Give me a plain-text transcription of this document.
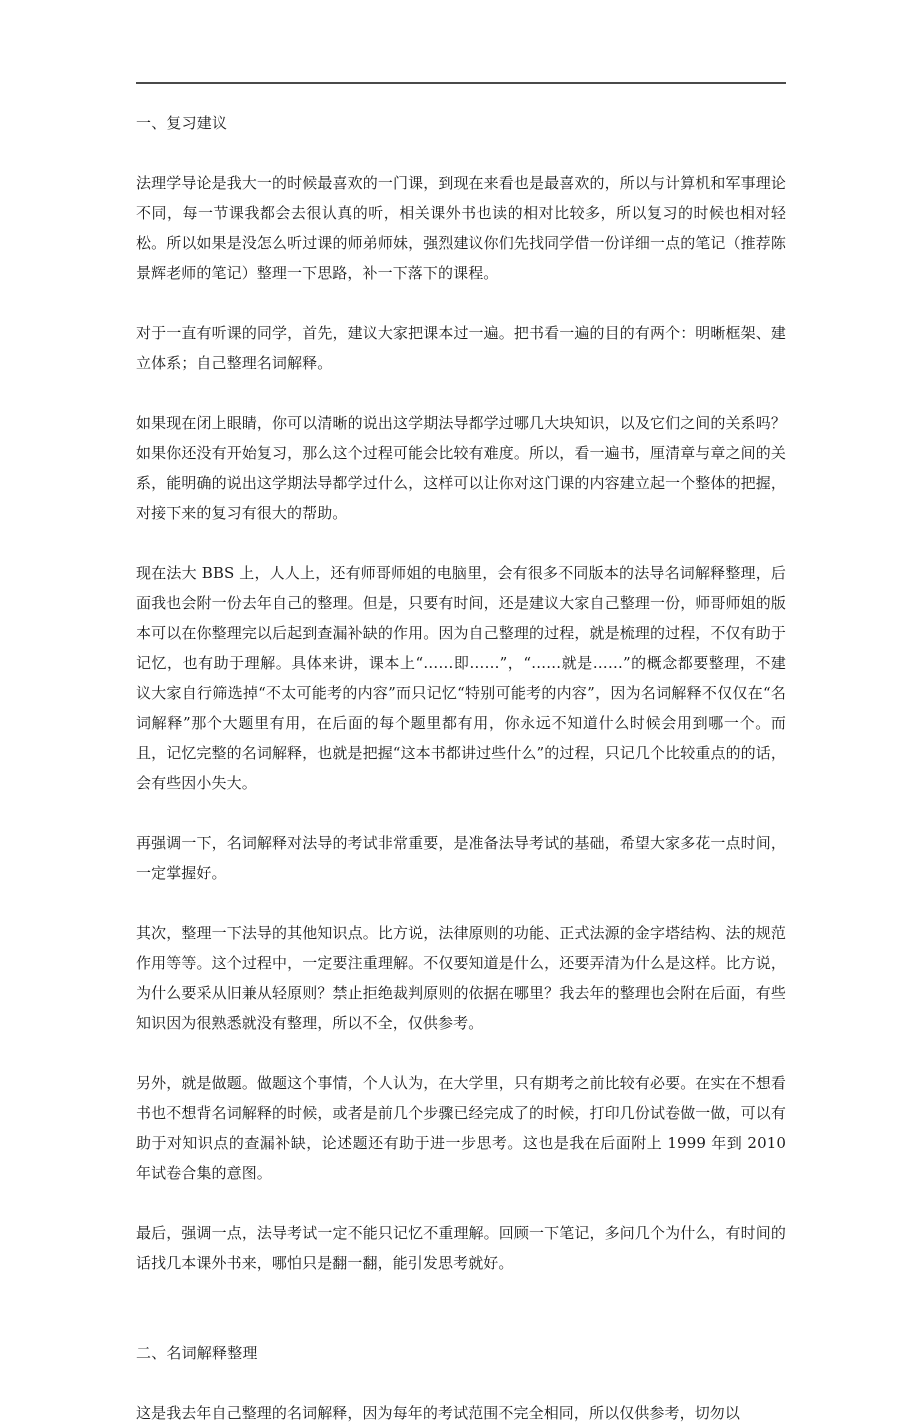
一、复习建议
法理学导论是我大一的时候最喜欢的一门课，到现在来看也是最喜欢的，所以与计算机和军事理论不同，每一节课我都会去很认真的听，相关课外书也读的相对比较多，所以复习的时候也相对轻松。所以如果是没怎么听过课的师弟师妹，强烈建议你们先找同学借一份详细一点的笔记（推荐陈景辉老师的笔记）整理一下思路，补一下落下的课程。
对于一直有听课的同学，首先，建议大家把课本过一遍。把书看一遍的目的有两个：明晰框架、建立体系；自己整理名词解释。
如果现在闭上眼睛，你可以清晰的说出这学期法导都学过哪几大块知识，以及它们之间的关系吗？如果你还没有开始复习，那么这个过程可能会比较有难度。所以，看一遍书，厘清章与章之间的关系，能明确的说出这学期法导都学过什么，这样可以让你对这门课的内容建立起一个整体的把握，对接下来的复习有很大的帮助。
现在法大 BBS 上，人人上，还有师哥师姐的电脑里，会有很多不同版本的法导名词解释整理，后面我也会附一份去年自己的整理。但是，只要有时间，还是建议大家自己整理一份，师哥师姐的版本可以在你整理完以后起到查漏补缺的作用。因为自己整理的过程，就是梳理的过程，不仅有助于记忆，也有助于理解。具体来讲，课本上“……即……”，“……就是……”的概念都要整理，不建议大家自行筛选掉“不太可能考的内容”而只记忆“特别可能考的内容”，因为名词解释不仅仅在“名词解释”那个大题里有用，在后面的每个题里都有用，你永远不知道什么时候会用到哪一个。而且，记忆完整的名词解释，也就是把握“这本书都讲过些什么”的过程，只记几个比较重点的的话，会有些因小失大。
再强调一下，名词解释对法导的考试非常重要，是准备法导考试的基础，希望大家多花一点时间，一定掌握好。
其次，整理一下法导的其他知识点。比方说，法律原则的功能、正式法源的金字塔结构、法的规范作用等等。这个过程中，一定要注重理解。不仅要知道是什么，还要弄清为什么是这样。比方说，为什么要采从旧兼从轻原则？禁止拒绝裁判原则的依据在哪里？我去年的整理也会附在后面，有些知识因为很熟悉就没有整理，所以不全，仅供参考。
另外，就是做题。做题这个事情，个人认为，在大学里，只有期考之前比较有必要。在实在不想看书也不想背名词解释的时候，或者是前几个步骤已经完成了的时候，打印几份试卷做一做，可以有助于对知识点的查漏补缺，论述题还有助于进一步思考。这也是我在后面附上 1999 年到 2010 年试卷合集的意图。
最后，强调一点，法导考试一定不能只记忆不重理解。回顾一下笔记，多问几个为什么，有时间的话找几本课外书来，哪怕只是翻一翻，能引发思考就好。
二、名词解释整理
这是我去年自己整理的名词解释，因为每年的考试范围不完全相同，所以仅供参考，切勿以
